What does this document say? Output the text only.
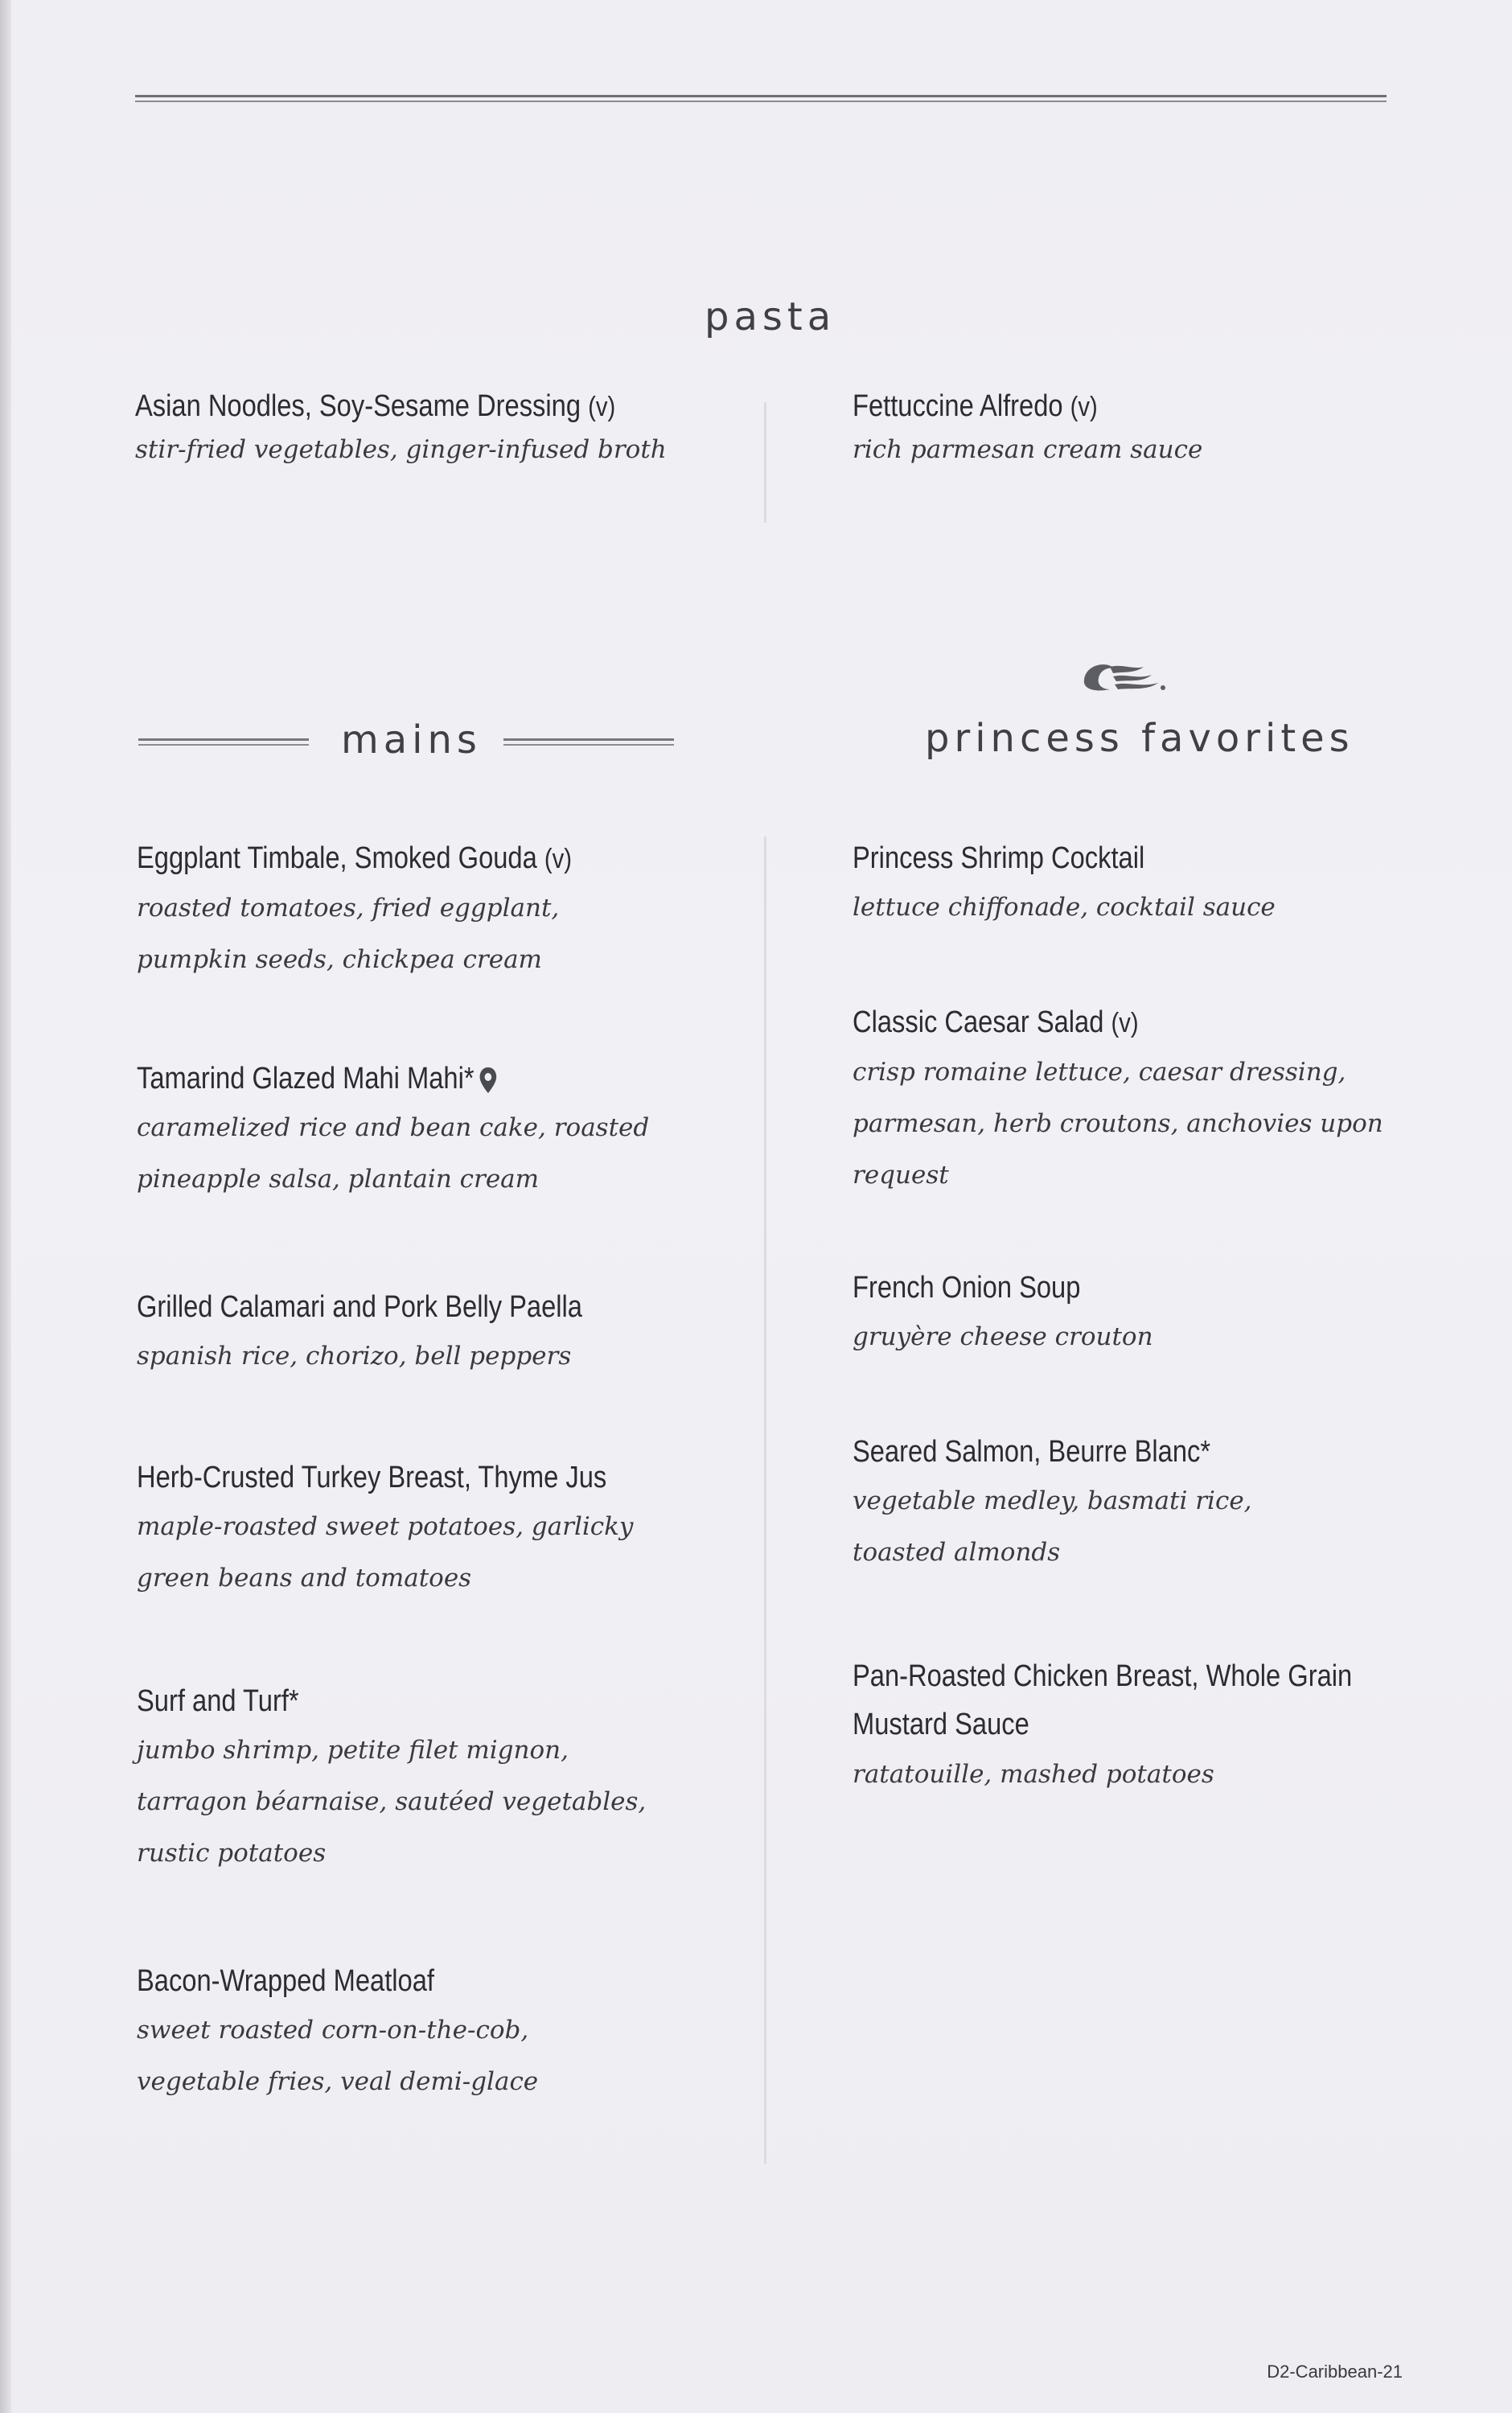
pasta
Asian Noodles, Soy-Sesame Dressing (v)
stir-fried vegetables, ginger-infused broth
Fettuccine Alfredo (v)
rich parmesan cream sauce
mains	princess favorites
Eggplant Timbale, Smoked Gouda (v)
roasted tomatoes, fried eggplant,
pumpkin seeds, chickpea cream
Tamarind Glazed Mahi Mahi*
caramelized rice and bean cake, roasted
pineapple salsa, plantain cream
Grilled Calamari and Pork Belly Paella
spanish rice, chorizo, bell peppers
Herb-Crusted Turkey Breast, Thyme Jus
maple-roasted sweet potatoes, garlicky
green beans and tomatoes
Surf and Turf*
jumbo shrimp, petite filet mignon,
tarragon béarnaise, sautéed vegetables,
rustic potatoes
Bacon-Wrapped Meatloaf
sweet roasted corn-on-the-cob,
vegetable fries, veal demi-glace
Princess Shrimp Cocktail
lettuce chiffonade, cocktail sauce
Classic Caesar Salad (v)
crisp romaine lettuce, caesar dressing,
parmesan, herb croutons, anchovies upon
request
French Onion Soup
gruyère cheese crouton
Seared Salmon, Beurre Blanc*
vegetable medley, basmati rice,
toasted almonds
Pan-Roasted Chicken Breast, Whole Grain
Mustard Sauce
ratatouille, mashed potatoes
D2-Caribbean-21
